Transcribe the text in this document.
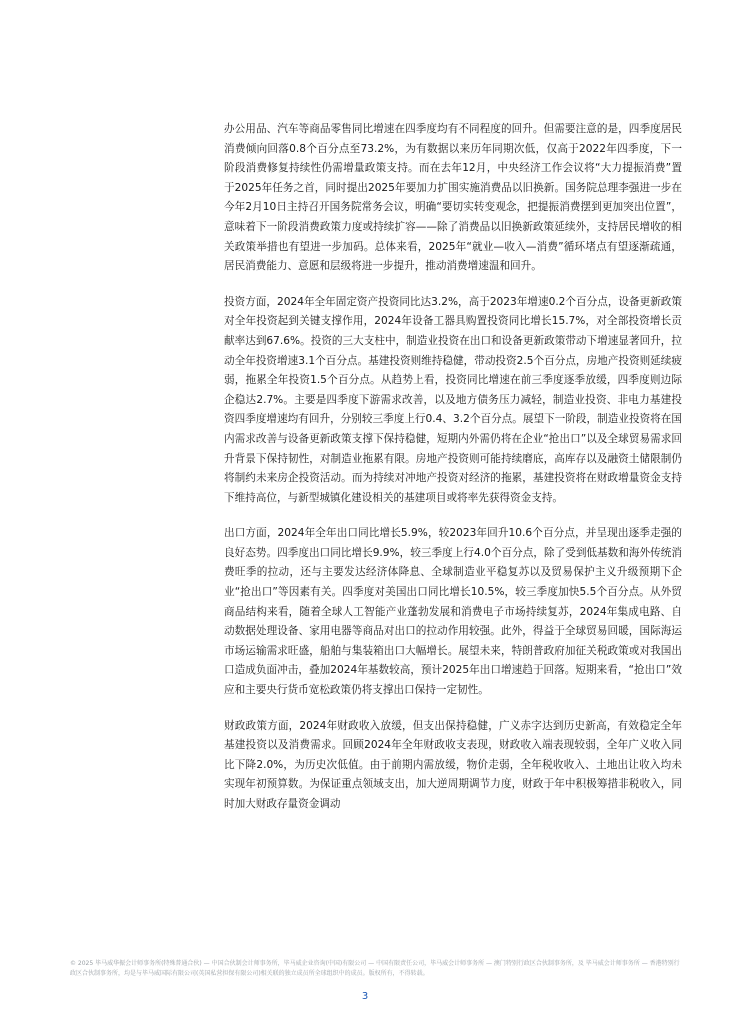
办公用品、汽车等商品零售同比增速在四季度均有不同程度的回升。但需要注意的是，四季度居民消费倾向回落0.8个百分点至73.2%，为有数据以来历年同期次低，仅高于2022年四季度，下一阶段消费修复持续性仍需增量政策支持。而在去年12月，中央经济工作会议将“大力提振消费”置于2025年任务之首，同时提出2025年要加力扩围实施消费品以旧换新。国务院总理李强进一步在今年2月10日主持召开国务院常务会议，明确“要切实转变观念，把提振消费摆到更加突出位置”，意味着下一阶段消费政策力度或持续扩容——除了消费品以旧换新政策延续外，支持居民增收的相关政策举措也有望进一步加码。总体来看，2025年“就业—收入—消费”循环堵点有望逐渐疏通，居民消费能力、意愿和层级将进一步提升，推动消费增速温和回升。

投资方面，2024年全年固定资产投资同比达3.2%，高于2023年增速0.2个百分点，设备更新政策对全年投资起到关键支撑作用，2024年设备工器具购置投资同比增长15.7%，对全部投资增长贡献率达到67.6%。投资的三大支柱中，制造业投资在出口和设备更新政策带动下增速显著回升，拉动全年投资增速3.1个百分点。基建投资则维持稳健，带动投资2.5个百分点，房地产投资则延续疲弱，拖累全年投资1.5个百分点。从趋势上看，投资同比增速在前三季度逐季放缓，四季度则边际企稳达2.7%。主要是四季度下游需求改善，以及地方债务压力减轻，制造业投资、非电力基建投资四季度增速均有回升，分别较三季度上行0.4、3.2个百分点。展望下一阶段，制造业投资将在国内需求改善与设备更新政策支撑下保持稳健，短期内外需仍将在企业“抢出口”以及全球贸易需求回升背景下保持韧性，对制造业拖累有限。房地产投资则可能持续磨底，高库存以及融资土储限制仍将制约未来房企投资活动。而为持续对冲地产投资对经济的拖累，基建投资将在财政增量资金支持下维持高位，与新型城镇化建设相关的基建项目或将率先获得资金支持。

出口方面，2024年全年出口同比增长5.9%，较2023年回升10.6个百分点，并呈现出逐季走强的良好态势。四季度出口同比增长9.9%，较三季度上行4.0个百分点，除了受到低基数和海外传统消费旺季的拉动，还与主要发达经济体降息、全球制造业平稳复苏以及贸易保护主义升级预期下企业“抢出口”等因素有关。四季度对美国出口同比增长10.5%，较三季度加快5.5个百分点。从外贸商品结构来看，随着全球人工智能产业蓬勃发展和消费电子市场持续复苏，2024年集成电路、自动数据处理设备、家用电器等商品对出口的拉动作用较强。此外，得益于全球贸易回暖，国际海运市场运输需求旺盛，船舶与集装箱出口大幅增长。展望未来，特朗普政府加征关税政策或对我国出口造成负面冲击，叠加2024年基数较高，预计2025年出口增速趋于回落。短期来看，“抢出口”效应和主要央行货币宽松政策仍将支撑出口保持一定韧性。

财政政策方面，2024年财政收入放缓，但支出保持稳健，广义赤字达到历史新高，有效稳定全年基建投资以及消费需求。回顾2024年全年财政收支表现，财政收入端表现较弱，全年广义收入同比下降2.0%，为历史次低值。由于前期内需放缓，物价走弱，全年税收收入、土地出让收入均未实现年初预算数。为保证重点领域支出，加大逆周期调节力度，财政于年中积极筹措非税收入，同时加大财政存量资金调动

© 2025 毕马威华振会计师事务所(特殊普通合伙) — 中国合伙制会计师事务所，毕马威企业咨询(中国)有限公司 — 中国有限责任公司，毕马威会计师事务所 — 澳门特别行政区合伙制事务所，及 毕马威会计师事务所 — 香港特别行政区合伙制事务所，均是与毕马威国际有限公司(英国私营担保有限公司)相关联的独立成员所全球组织中的成员。版权所有，不得转载。
3
